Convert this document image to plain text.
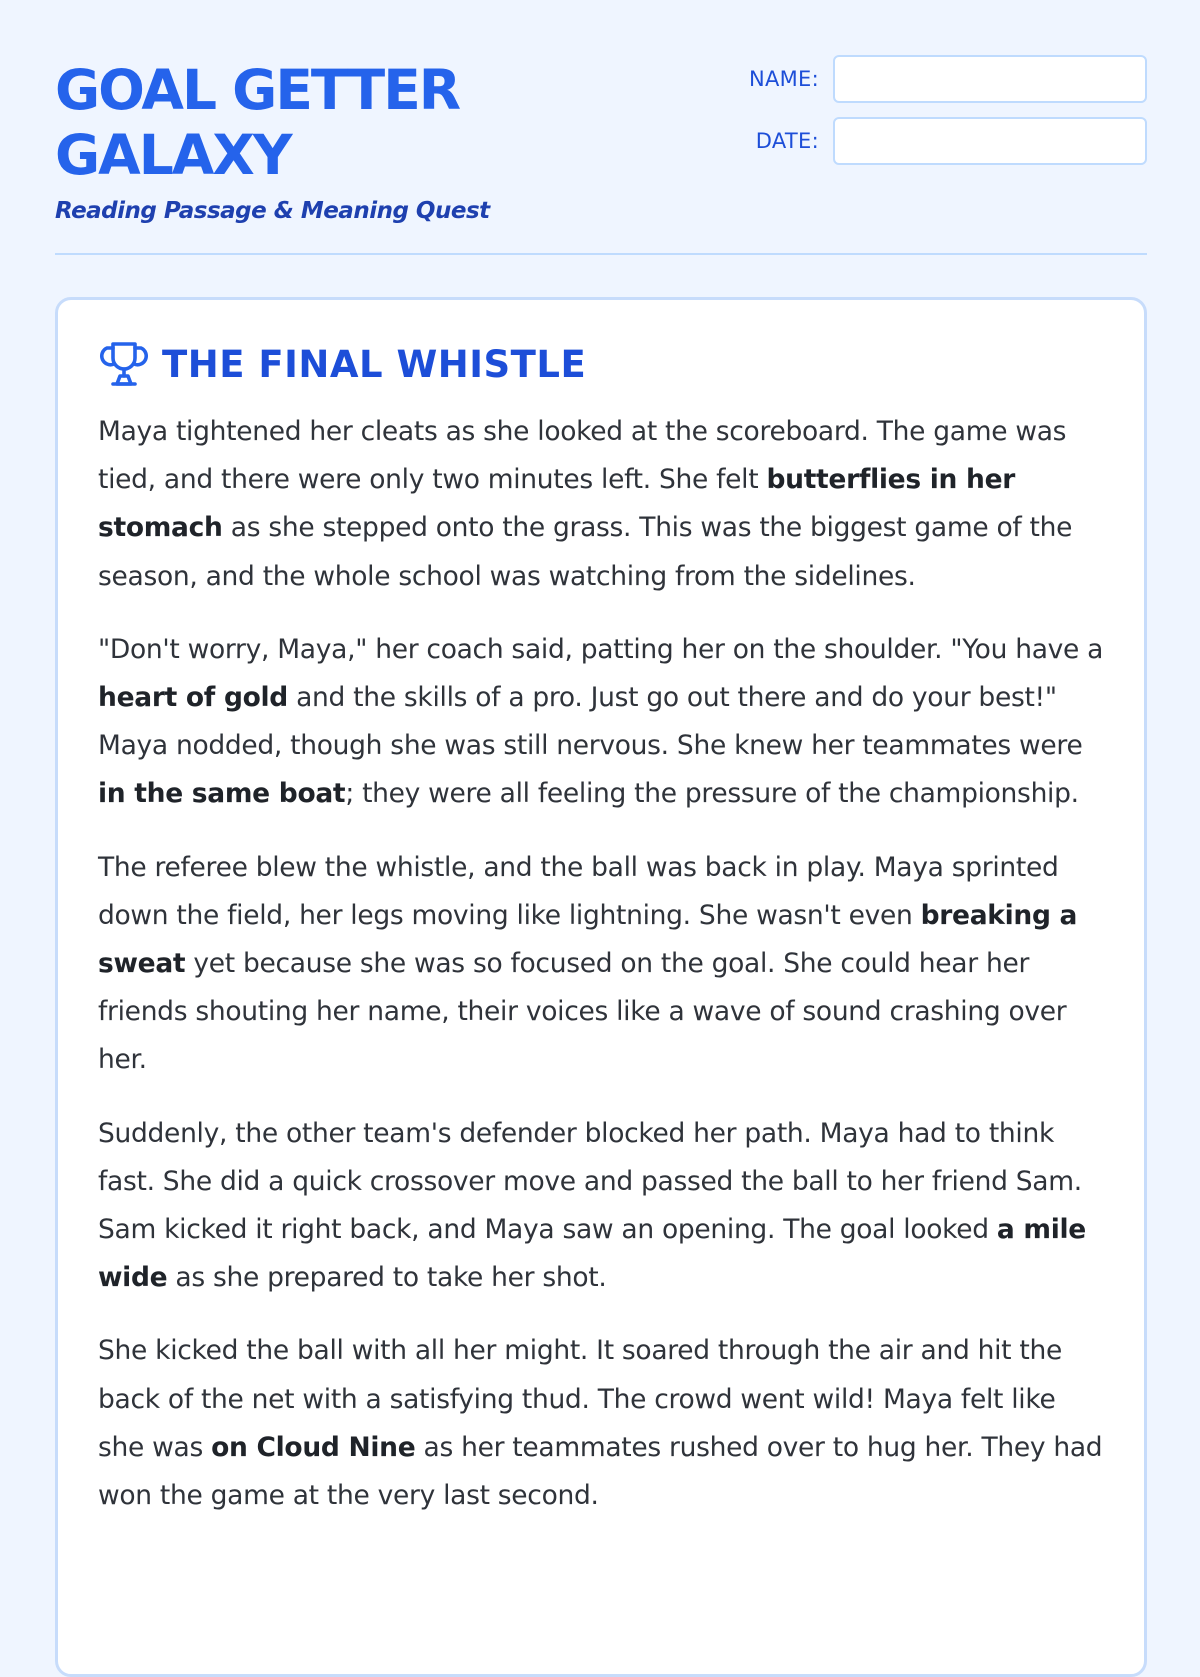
GOAL GETTER GALAXY

Reading Passage & Meaning Quest

NAME:
DATE:
THE FINAL WHISTLE

Maya tightened her cleats as she looked at the scoreboard. The game was tied, and there were only two minutes left. She felt butterflies in her stomach as she stepped onto the grass. This was the biggest game of the season, and the whole school was watching from the sidelines.

"Don't worry, Maya," her coach said, patting her on the shoulder. "You have a heart of gold and the skills of a pro. Just go out there and do your best!" Maya nodded, though she was still nervous. She knew her teammates were in the same boat; they were all feeling the pressure of the championship.

The referee blew the whistle, and the ball was back in play. Maya sprinted down the field, her legs moving like lightning. She wasn't even breaking a sweat yet because she was so focused on the goal. She could hear her friends shouting her name, their voices like a wave of sound crashing over her.

Suddenly, the other team's defender blocked her path. Maya had to think fast. She did a quick crossover move and passed the ball to her friend Sam. Sam kicked it right back, and Maya saw an opening. The goal looked a mile wide as she prepared to take her shot.

She kicked the ball with all her might. It soared through the air and hit the back of the net with a satisfying thud. The crowd went wild! Maya felt like she was on Cloud Nine as her teammates rushed over to hug her. They had won the game at the very last second.
